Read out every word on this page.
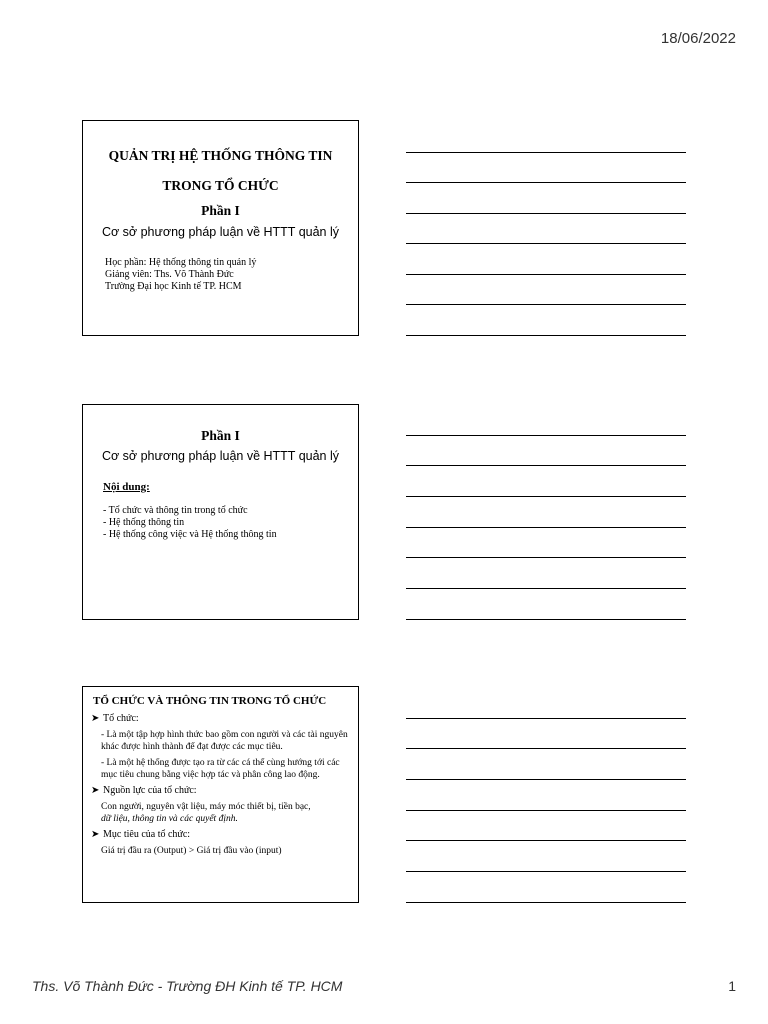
18/06/2022
QUẢN TRỊ HỆ THỐNG THÔNG TIN
TRONG TỔ CHỨC
Phần I
Cơ sở phương pháp luận về HTTT quản lý
Học phần: Hệ thống thông tin quản lý
Giảng viên: Ths. Võ Thành Đức
Trường Đại học Kinh tế TP. HCM
Phần I
Cơ sở phương pháp luận về HTTT quản lý
Nội dung:
- Tổ chức và thông tin trong tổ chức
- Hệ thống thông tin
- Hệ thống công việc và Hệ thống thông tin
TỔ CHỨC VÀ THÔNG TIN TRONG TỔ CHỨC
➤ Tổ chức:
- Là một tập hợp hình thức bao gồm con người và các tài nguyên khác được hình thành để đạt được các mục tiêu.
- Là một hệ thống được tạo ra từ các cá thể cùng hướng tới các mục tiêu chung bằng việc hợp tác và phân công lao động.
➤ Nguồn lực của tổ chức:
Con người, nguyên vật liệu, máy móc thiết bị, tiền bạc,
dữ liệu, thông tin và các quyết định.
➤ Mục tiêu của tổ chức:
Giá trị đầu ra (Output) > Giá trị đầu vào (input)
Ths. Võ Thành Đức - Trường ĐH Kinh tế TP. HCM	1
